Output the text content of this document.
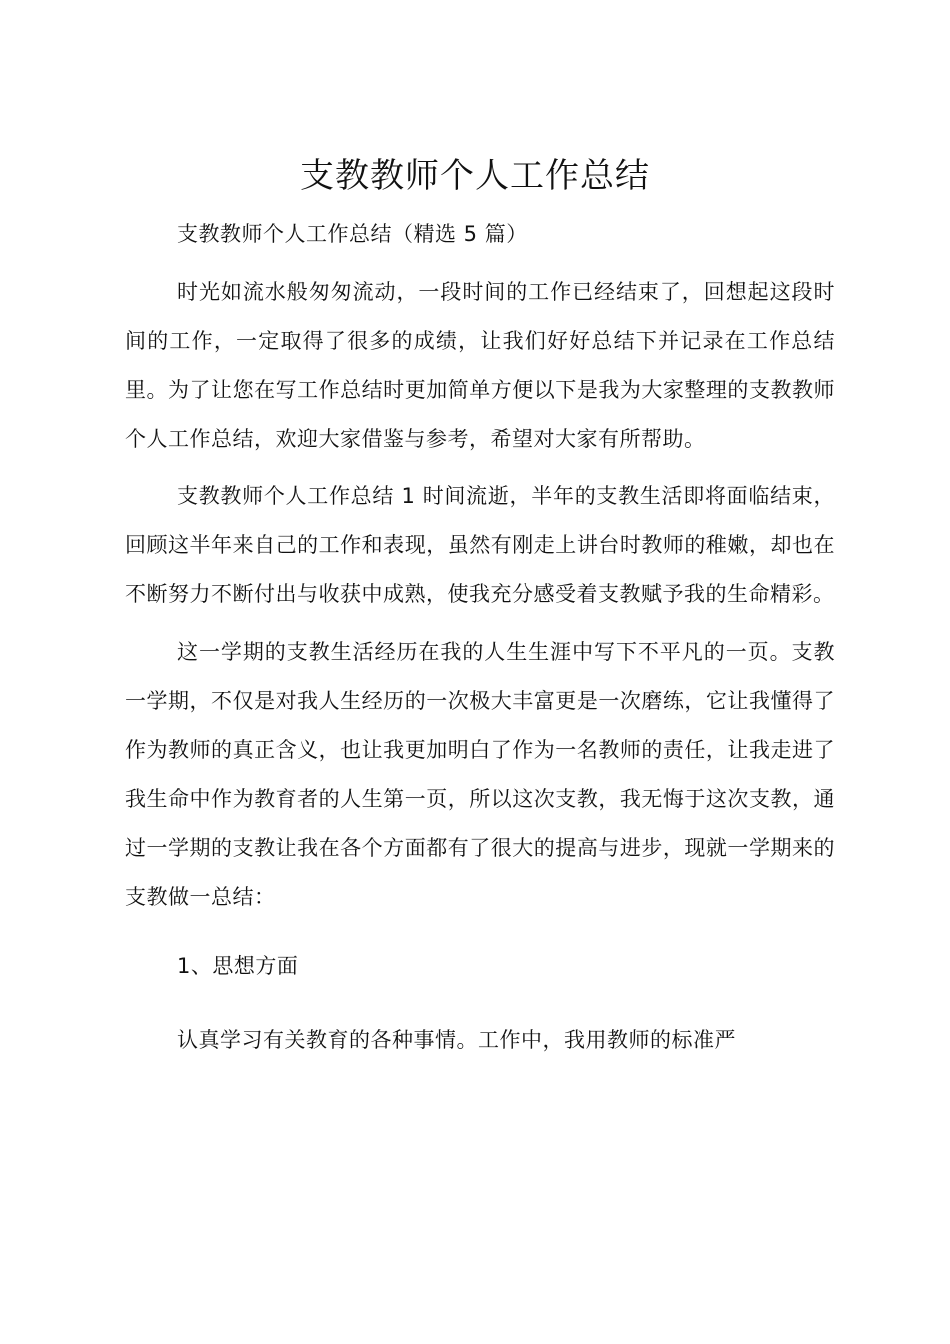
支教教师个人工作总结

支教教师个人工作总结（精选 5 篇）

时光如流水般匆匆流动，一段时间的工作已经结束了，回想起这段时间的工作，一定取得了很多的成绩，让我们好好总结下并记录在工作总结里。为了让您在写工作总结时更加简单方便以下是我为大家整理的支教教师个人工作总结，欢迎大家借鉴与参考，希望对大家有所帮助。

支教教师个人工作总结 1 时间流逝，半年的支教生活即将面临结束，回顾这半年来自己的工作和表现，虽然有刚走上讲台时教师的稚嫩，却也在不断努力不断付出与收获中成熟，使我充分感受着支教赋予我的生命精彩。

这一学期的支教生活经历在我的人生生涯中写下不平凡的一页。支教一学期，不仅是对我人生经历的一次极大丰富更是一次磨练，它让我懂得了作为教师的真正含义，也让我更加明白了作为一名教师的责任，让我走进了我生命中作为教育者的人生第一页，所以这次支教，我无悔于这次支教，通过一学期的支教让我在各个方面都有了很大的提高与进步，现就一学期来的支教做一总结：

1、思想方面

认真学习有关教育的各种事情。工作中，我用教师的标准严
